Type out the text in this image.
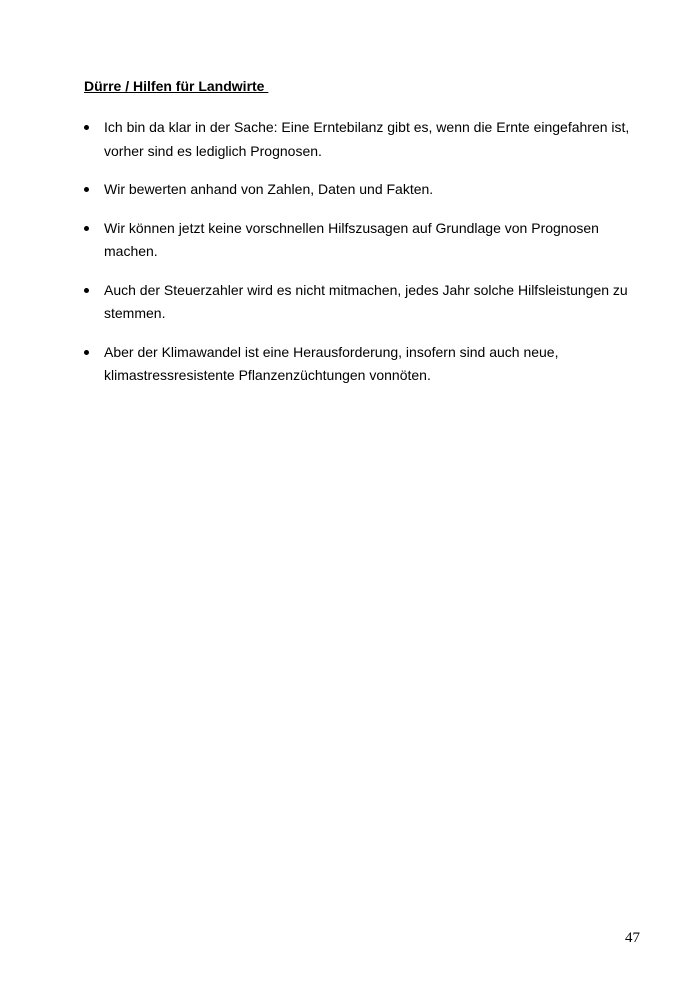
Dürre / Hilfen für Landwirte
Ich bin da klar in der Sache: Eine Erntebilanz gibt es, wenn die Ernte eingefahren ist, vorher sind es lediglich Prognosen.
Wir bewerten anhand von Zahlen, Daten und Fakten.
Wir können jetzt keine vorschnellen Hilfszusagen auf Grundlage von Prognosen machen.
Auch der Steuerzahler wird es nicht mitmachen, jedes Jahr solche Hilfsleistungen zu stemmen.
Aber der Klimawandel ist eine Herausforderung, insofern sind auch neue, klimastressresistente Pflanzenzüchtungen vonnöten.
47
